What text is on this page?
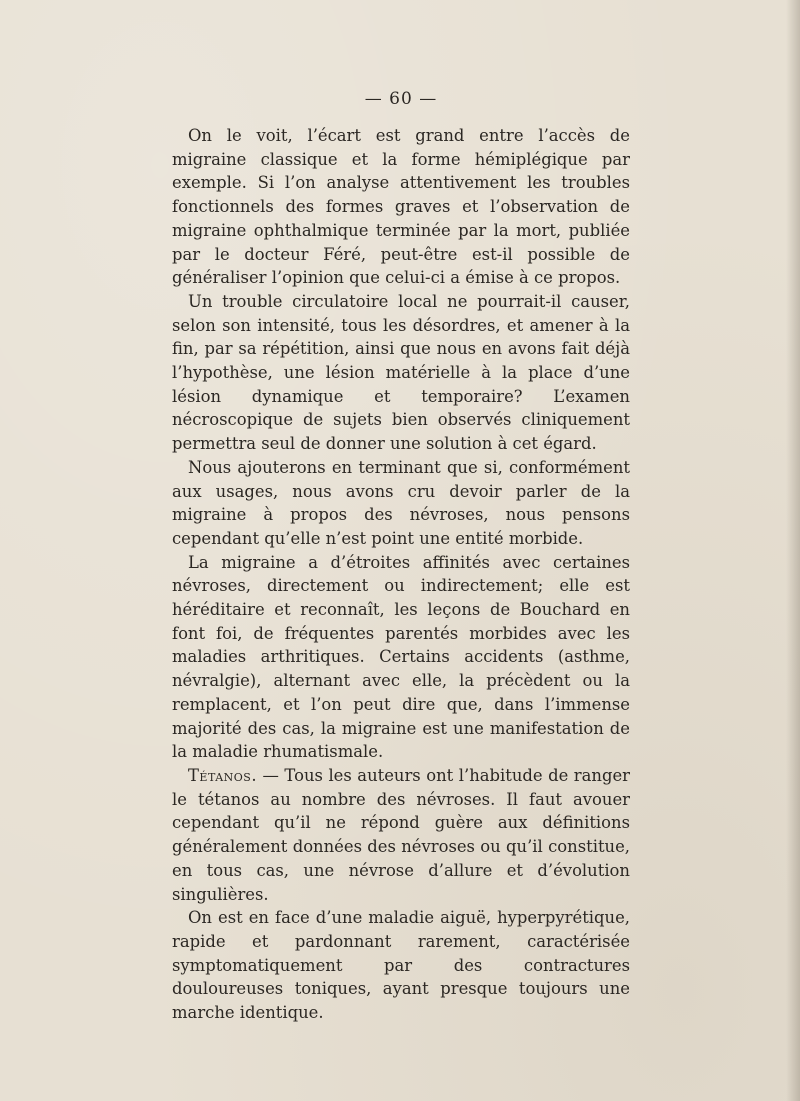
— 60 —

On le voit, l’écart est grand entre l’accès de migraine classique et la forme hémiplégique par exemple. Si l’on analyse attentivement les troubles fonctionnels des formes graves et l’observation de migraine ophthalmique terminée par la mort, publiée par le docteur Féré, peut-être est-il possible de généraliser l’opinion que celui-ci a émise à ce propos.

Un trouble circulatoire local ne pourrait-il causer, selon son intensité, tous les désordres, et amener à la fin, par sa répétition, ainsi que nous en avons fait déjà l’hypothèse, une lésion matérielle à la place d’une lésion dynamique et temporaire? L’examen nécroscopique de sujets bien observés cliniquement permettra seul de donner une solution à cet égard.

Nous ajouterons en terminant que si, conformément aux usages, nous avons cru devoir parler de la migraine à propos des névroses, nous pensons cependant qu’elle n’est point une entité morbide.

La migraine a d’étroites affinités avec certaines névroses, directement ou indirectement; elle est héréditaire et reconnaît, les leçons de Bouchard en font foi, de fréquentes parentés morbides avec les maladies arthritiques. Certains accidents (asthme, névralgie), alternant avec elle, la précèdent ou la remplacent, et l’on peut dire que, dans l’immense majorité des cas, la migraine est une manifestation de la maladie rhumatismale.

Tétanos. — Tous les auteurs ont l’habitude de ranger le tétanos au nombre des névroses. Il faut avouer cependant qu’il ne répond guère aux définitions généralement données des névroses ou qu’il constitue, en tous cas, une névrose d’allure et d’évolution singulières.

On est en face d’une maladie aiguë, hyperpyrétique, rapide et pardonnant rarement, caractérisée symptomatiquement par des contractures douloureuses toniques, ayant presque toujours une marche identique.
